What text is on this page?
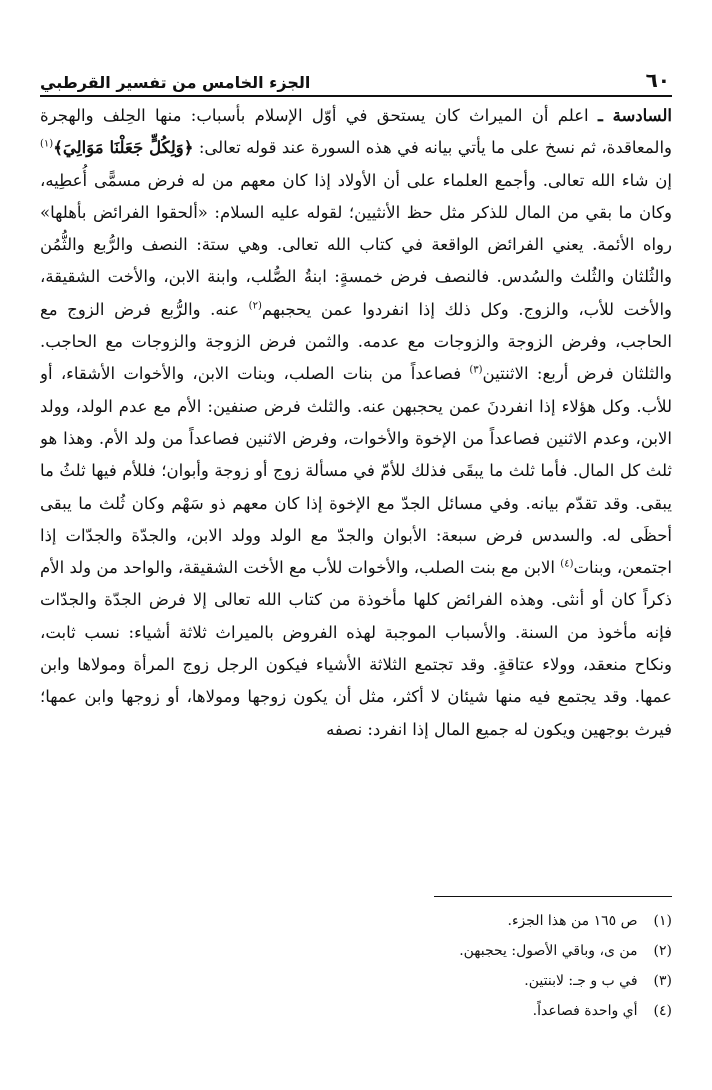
٦٠
الجزء الخامس من تفسير القرطبي

السادسة ـ اعلم أن الميراث كان يستحق في أوّل الإسلام بأسباب: منها الحِلف والهجرة والمعاقدة، ثم نسخ على ما يأتي بيانه في هذه السورة عند قوله تعالى: ﴿وَلِكُلٍّ جَعَلْنَا مَوَالِيَ﴾$^{(١)}$ إن شاء الله تعالى. وأجمع العلماء على أن الأولاد إذا كان معهم من له فرض مسمًّى أُعطِيه، وكان ما بقي من المال للذكر مثل حظ الأنثيين؛ لقوله عليه السلام: «ألحقوا الفرائض بأهلها» رواه الأئمة. يعني الفرائض الواقعة في كتاب الله تعالى. وهي ستة: النصف والرُّبع والثُّمُن والثُلثان والثُلث والسُدس. فالنصف فرض خمسةٍ: ابنةُ الصُّلب، وابنة الابن، والأخت الشقيقة، والأخت للأب، والزوج. وكل ذلك إذا انفردوا عمن يحجبهم$^{(٢)}$ عنه. والرُّبع فرض الزوج مع الحاجب، وفرض الزوجة والزوجات مع عدمه. والثمن فرض الزوجة والزوجات مع الحاجب. والثلثان فرض أربع: الاثنتين$^{(٣)}$ فصاعداً من بنات الصلب، وبنات الابن، والأخوات الأشقاء، أو للأب. وكل هؤلاء إذا انفردنَ عمن يحجبهن عنه. والثلث فرض صنفين: الأم مع عدم الولد، وولد الابن، وعدم الاثنين فصاعداً من الإخوة والأخوات، وفرض الاثنين فصاعداً من ولد الأم. وهذا هو ثلث كل المال. فأما ثلث ما يبقَى فذلك للأمّ في مسألة زوج أو زوجة وأبوان؛ فللأم فيها ثلثُ ما يبقى. وقد تقدّم بيانه. وفي مسائل الجدّ مع الإخوة إذا كان معهم ذو سَهْم وكان ثُلث ما يبقى أحظَى له. والسدس فرض سبعة: الأبوان والجدّ مع الولد وولد الابن، والجدّة والجدّات إذا اجتمعن، وبنات$^{(٤)}$ الابن مع بنت الصلب، والأخوات للأب مع الأخت الشقيقة، والواحد من ولد الأم ذكراً كان أو أنثى. وهذه الفرائض كلها مأخوذة من كتاب الله تعالى إلا فرض الجدّة والجدّات فإنه مأخوذ من السنة. والأسباب الموجبة لهذه الفروض بالميراث ثلاثة أشياء: نسب ثابت، ونكاح منعقد، وولاء عتاقةٍ. وقد تجتمع الثلاثة الأشياء فيكون الرجل زوج المرأة ومولاها وابن عمها. وقد يجتمع فيه منها شيئان لا أكثر، مثل أن يكون زوجها ومولاها، أو زوجها وابن عمها؛ فيرث بوجهين ويكون له جميع المال إذا انفرد: نصفه

(١) ص ١٦٥ من هذا الجزء.
(٢) من ى، وباقي الأصول: يحجبهن.
(٣) في ب و جـ: لابنتين.
(٤) أي واحدة فصاعداً.
